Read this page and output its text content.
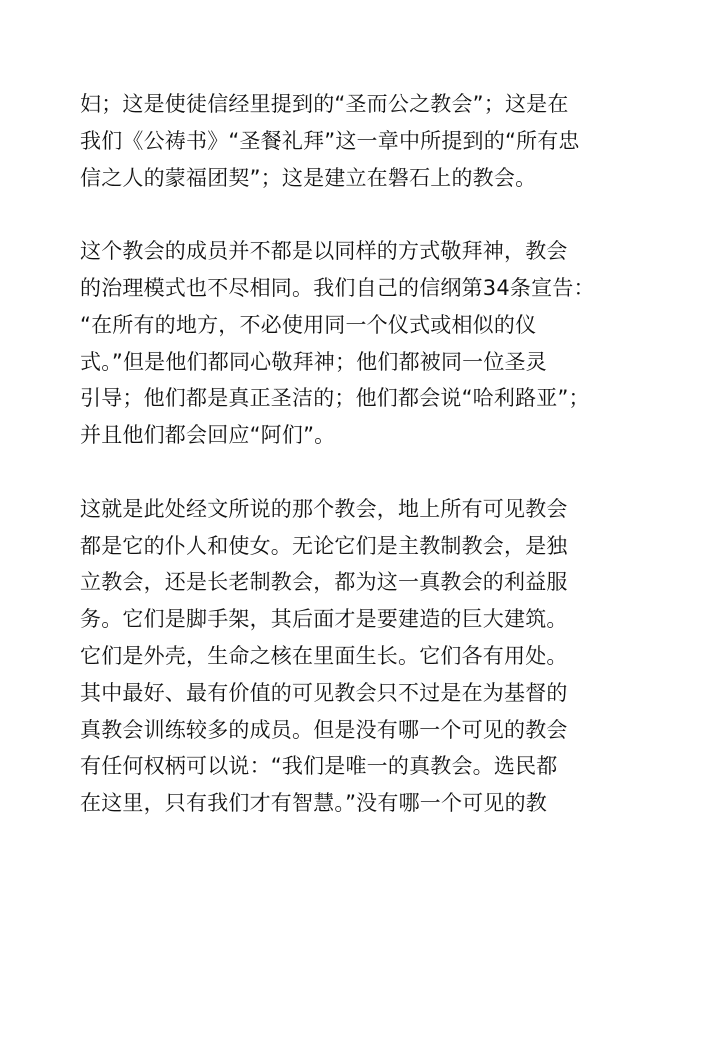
妇；这是使徒信经里提到的“圣而公之教会”；这是在
我们《公祷书》“圣餐礼拜”这一章中所提到的“所有忠
信之人的蒙福团契”；这是建立在磐石上的教会。
这个教会的成员并不都是以同样的方式敬拜神，教会
的治理模式也不尽相同。我们自己的信纲第34条宣告：
“在所有的地方，不必使用同一个仪式或相似的仪
式。”但是他们都同心敬拜神；他们都被同一位圣灵
引导；他们都是真正圣洁的；他们都会说“哈利路亚”；
并且他们都会回应“阿们”。
这就是此处经文所说的那个教会，地上所有可见教会
都是它的仆人和使女。无论它们是主教制教会，是独
立教会，还是长老制教会，都为这一真教会的利益服
务。它们是脚手架，其后面才是要建造的巨大建筑。
它们是外壳，生命之核在里面生长。它们各有用处。
其中最好、最有价值的可见教会只不过是在为基督的
真教会训练较多的成员。但是没有哪一个可见的教会
有任何权柄可以说：“我们是唯一的真教会。选民都
在这里，只有我们才有智慧。”没有哪一个可见的教
